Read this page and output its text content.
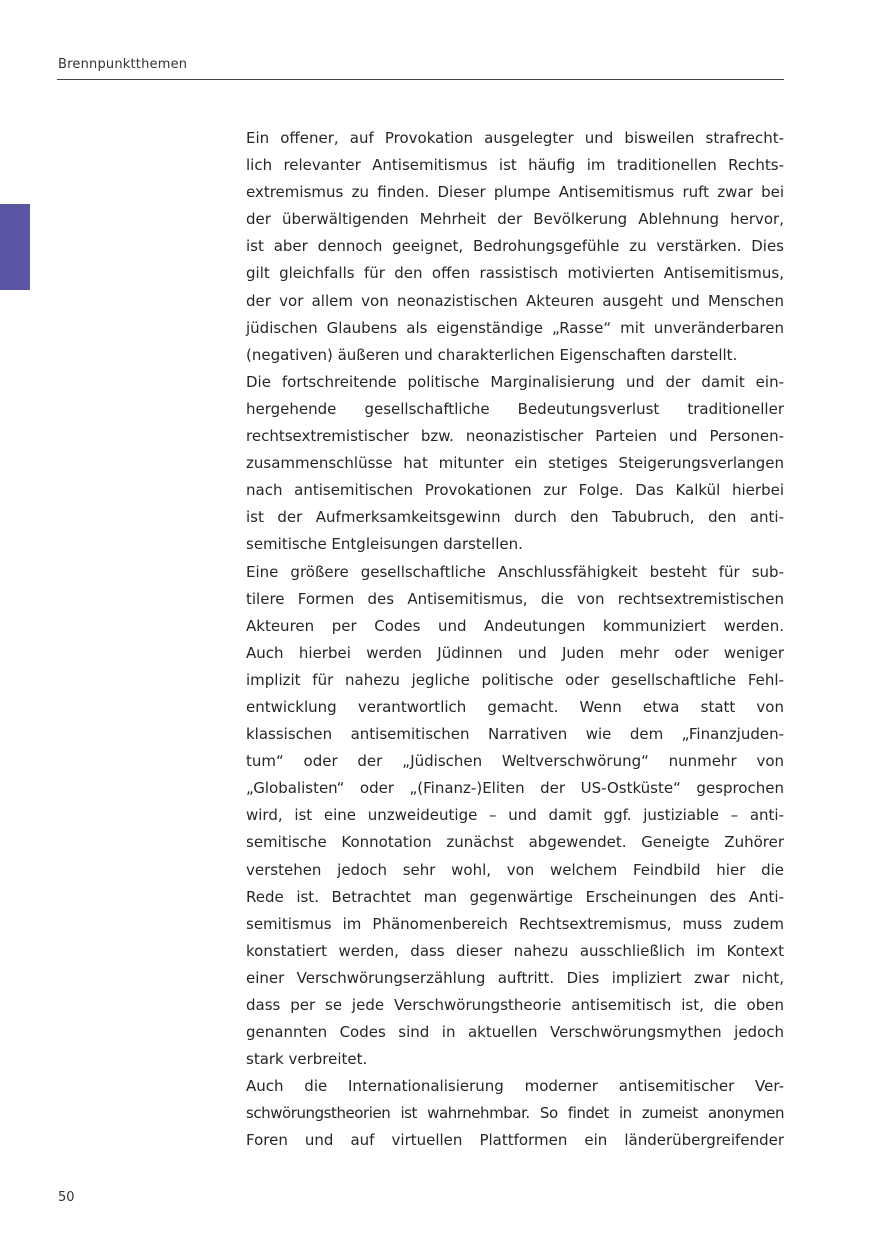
Brennpunktthemen
Ein offener, auf Provokation ausgelegter und bisweilen strafrecht-
lich relevanter Antisemitismus ist häufig im traditionellen Rechts-
extremismus zu finden. Dieser plumpe Antisemitismus ruft zwar bei
der überwältigenden Mehrheit der Bevölkerung Ablehnung hervor,
ist aber dennoch geeignet, Bedrohungsgefühle zu verstärken. Dies
gilt gleichfalls für den offen rassistisch motivierten Antisemitismus,
der vor allem von neonazistischen Akteuren ausgeht und Menschen
jüdischen Glaubens als eigenständige „Rasse“ mit unveränderbaren
(negativen) äußeren und charakterlichen Eigenschaften darstellt.
Die fortschreitende politische Marginalisierung und der damit ein-
hergehende gesellschaftliche Bedeutungsverlust traditioneller
rechtsextremistischer bzw. neonazistischer Parteien und Personen-
zusammenschlüsse hat mitunter ein stetiges Steigerungsverlangen
nach antisemitischen Provokationen zur Folge. Das Kalkül hierbei
ist der Aufmerksamkeitsgewinn durch den Tabubruch, den anti-
semitische Entgleisungen darstellen.
Eine größere gesellschaftliche Anschlussfähigkeit besteht für sub-
tilere Formen des Antisemitismus, die von rechtsextremistischen
Akteuren per Codes und Andeutungen kommuniziert werden.
Auch hierbei werden Jüdinnen und Juden mehr oder weniger
implizit für nahezu jegliche politische oder gesellschaftliche Fehl-
entwicklung verantwortlich gemacht. Wenn etwa statt von
klassischen antisemitischen Narrativen wie dem „Finanzjuden-
tum“ oder der „Jüdischen Weltverschwörung“ nunmehr von
„Globalisten“ oder „(Finanz-)Eliten der US-Ostküste“ gesprochen
wird, ist eine unzweideutige – und damit ggf. justiziable – anti-
semitische Konnotation zunächst abgewendet. Geneigte Zuhörer
verstehen jedoch sehr wohl, von welchem Feindbild hier die
Rede ist. Betrachtet man gegenwärtige Erscheinungen des Anti-
semitismus im Phänomenbereich Rechtsextremismus, muss zudem
konstatiert werden, dass dieser nahezu ausschließlich im Kontext
einer Verschwörungserzählung auftritt. Dies impliziert zwar nicht,
dass per se jede Verschwörungstheorie antisemitisch ist, die oben
genannten Codes sind in aktuellen Verschwörungsmythen jedoch
stark verbreitet.
Auch die Internationalisierung moderner antisemitischer Ver-
schwörungstheorien ist wahrnehmbar. So findet in zumeist anonymen
Foren und auf virtuellen Plattformen ein länderübergreifender
50
